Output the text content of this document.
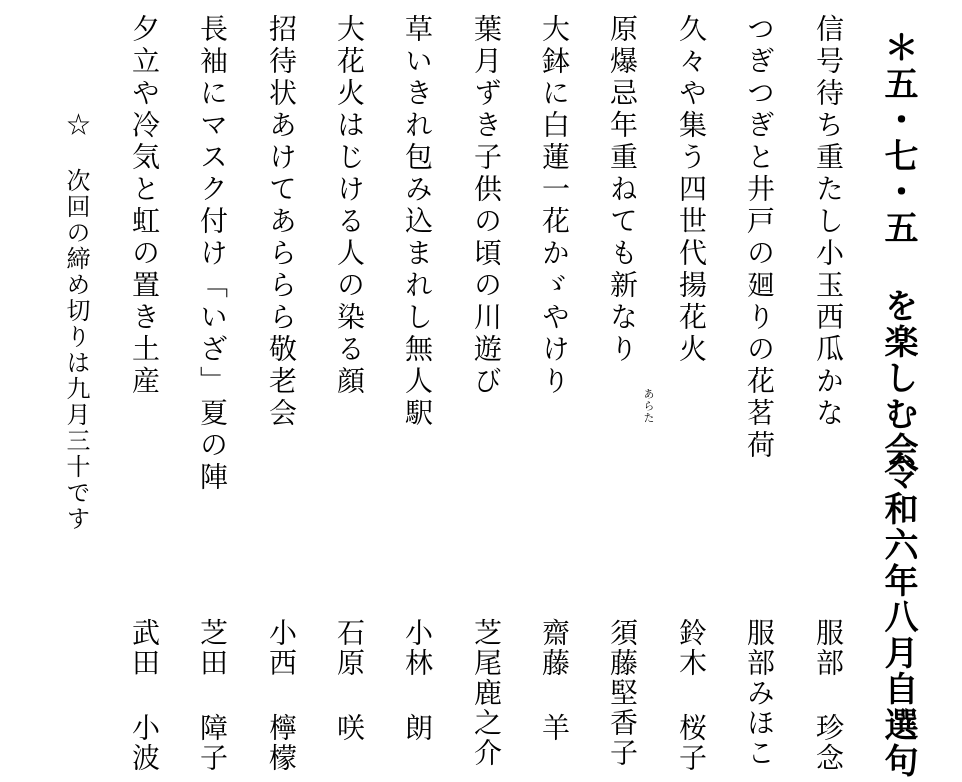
＊五・七・五 を楽しむ会
令和六年八月自選句
信号待ち重たし小玉西瓜かな
服部 珍念
つぎつぎと井戸の廻りの花茗荷
服部みほこ
久々や集う四世代揚花火
鈴木 桜子
原爆忌年重ねても新なり
あらた
須藤堅香子
大鉢に白蓮一花かゞやけり
齋藤 羊
葉月ずき子供の頃の川遊び
芝尾鹿之介
草いきれ包み込まれし無人駅
小林 朗
大花火はじける人の染る顔
石原 咲
招待状あけてあららら敬老会
小西 檸檬
長袖にマスク付け「いざ」夏の陣
芝田 障子
夕立や冷気と虹の置き土産
武田 小波
☆ 次回の締め切りは九月三十です
